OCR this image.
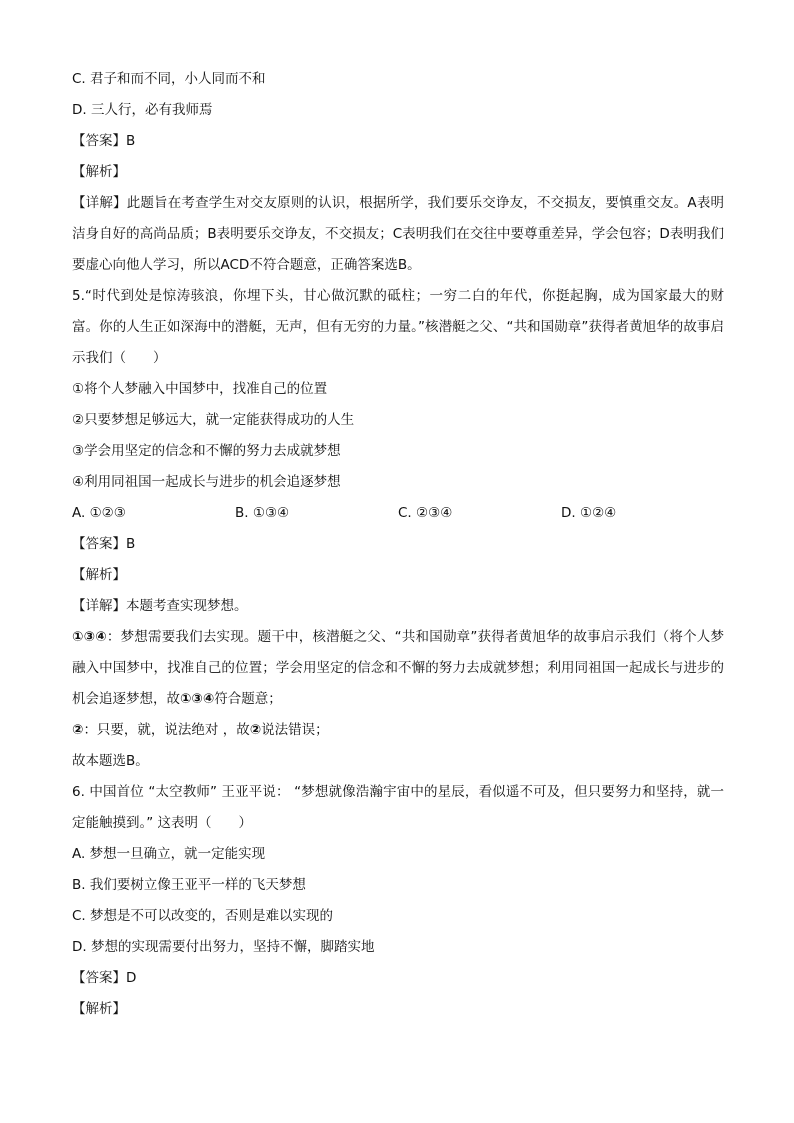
C. 君子和而不同，小人同而不和
D. 三人行，必有我师焉
【答案】B
【解析】
【详解】此题旨在考查学生对交友原则的认识，根据所学，我们要乐交诤友，不交损友，要慎重交友。A表明洁身自好的高尚品质；B表明要乐交诤友，不交损友；C表明我们在交往中要尊重差异，学会包容；D表明我们要虚心向他人学习，所以ACD不符合题意，正确答案选B。
5.“时代到处是惊涛骇浪，你埋下头，甘心做沉默的砥柱；一穷二白的年代，你挺起胸，成为国家最大的财富。你的人生正如深海中的潜艇，无声，但有无穷的力量。”核潜艇之父、“共和国勋章”获得者黄旭华的故事启示我们（　　）
①将个人梦融入中国梦中，找准自己的位置
②只要梦想足够远大，就一定能获得成功的人生
③学会用坚定的信念和不懈的努力去成就梦想
④利用同祖国一起成长与进步的机会追逐梦想
A. ①②③	B. ①③④	C. ②③④	D. ①②④
【答案】B
【解析】
【详解】本题考查实现梦想。
①③④：梦想需要我们去实现。题干中，核潜艇之父、“共和国勋章”获得者黄旭华的故事启示我们（将个人梦融入中国梦中，找准自己的位置；学会用坚定的信念和不懈的努力去成就梦想；利用同祖国一起成长与进步的机会追逐梦想，故①③④符合题意；
②：只要，就，说法绝对 ，故②说法错误；
故本题选B。
6. 中国首位 “太空教师” 王亚平说： “梦想就像浩瀚宇宙中的星辰，看似遥不可及，但只要努力和坚持，就一定能触摸到。” 这表明（　　）
A. 梦想一旦确立，就一定能实现
B. 我们要树立像王亚平一样的飞天梦想
C. 梦想是不可以改变的，否则是难以实现的
D. 梦想的实现需要付出努力，坚持不懈，脚踏实地
【答案】D
【解析】
